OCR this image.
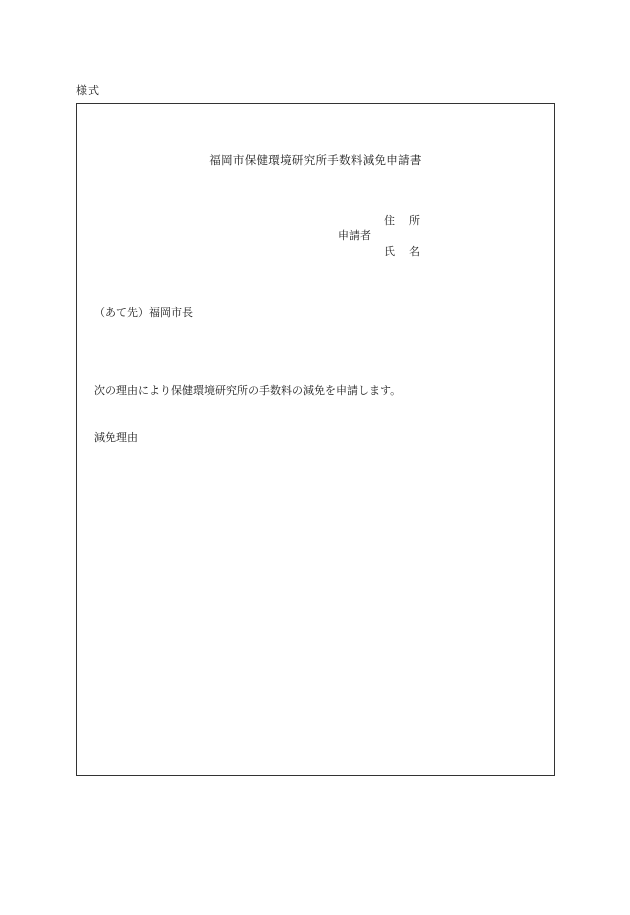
様式
福岡市保健環境研究所手数料減免申請書
住 所
申請者
氏 名
（あて先）福岡市長
次の理由により保健環境研究所の手数料の減免を申請します。
減免理由
